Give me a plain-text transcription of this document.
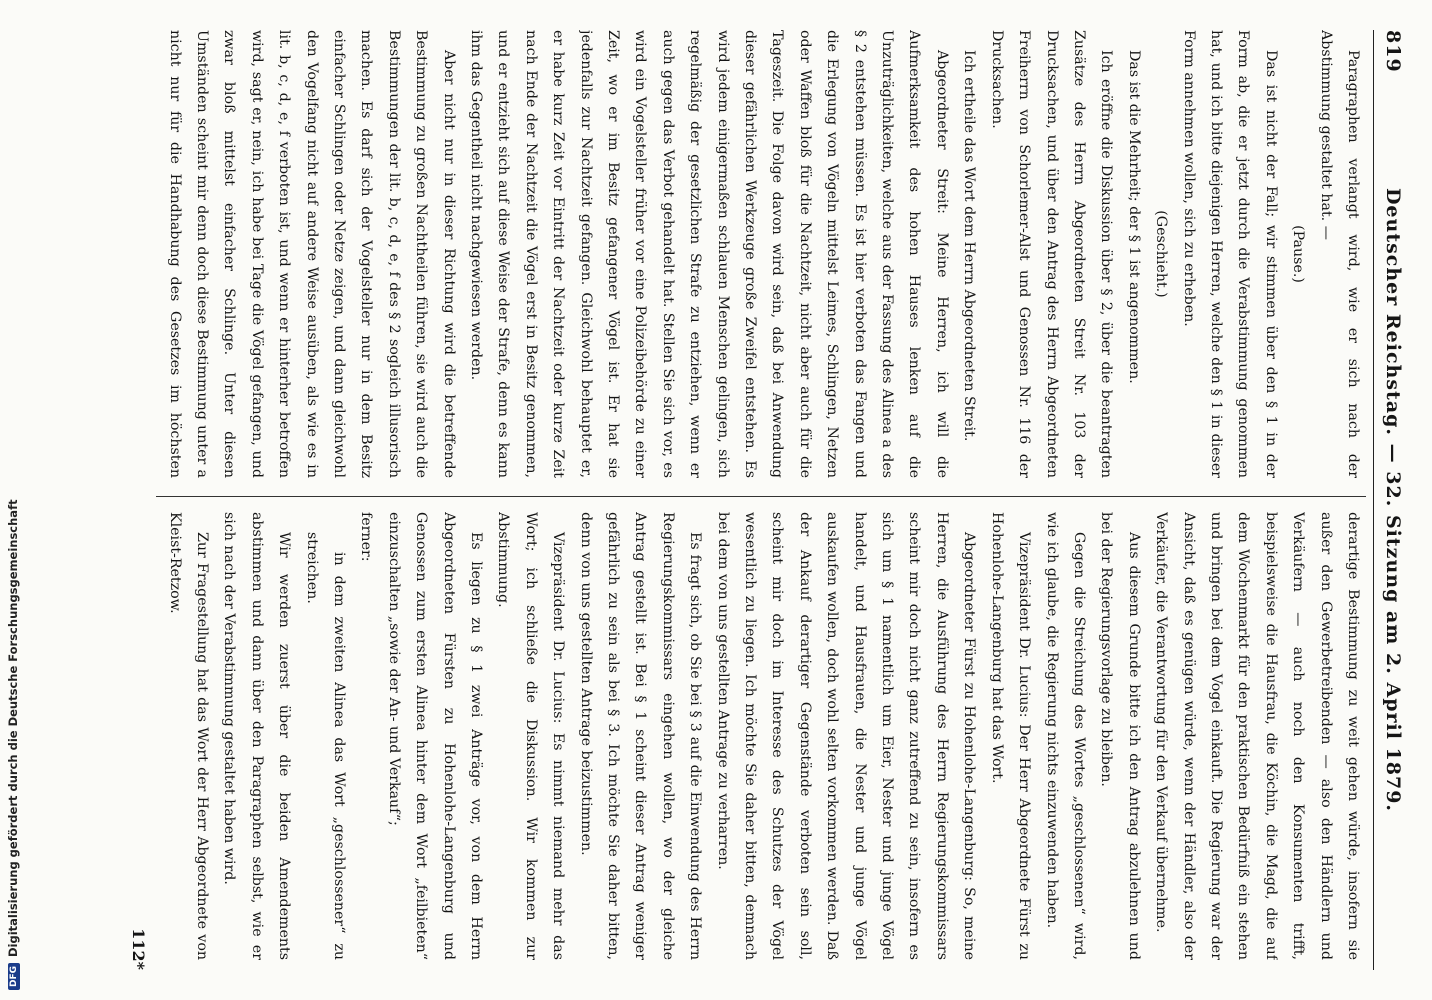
Deutscher Reichstag. — 32. Sitzung am 2. April 1879.
819

Paragraphen verlangt wird, wie er sich nach der Abstimmung gestaltet hat. —

(Pause.)

Das ist nicht der Fall; wir stimmen über den § 1 in der Form ab, die er jetzt durch die Verabstimmung genommen hat, und ich bitte diejenigen Herren, welche den § 1 in dieser Form annehmen wollen, sich zu erheben.

(Geschieht.)

Das ist die Mehrheit; der § 1 ist angenommen.

Ich eröffne die Diskussion über § 2, über die beantragten Zusätze des Herrn Abgeordneten Streit Nr. 103 der Drucksachen, und über den Antrag des Herrn Abgeordneten Freiherrn von Schorlemer-Alst und Genossen Nr. 116 der Drucksachen.

Ich ertheile das Wort dem Herrn Abgeordneten Streit.

Abgeordneter Streit: Meine Herren, ich will die Aufmerksamkeit des hohen Hauses lenken auf die Unzuträglichkeiten, welche aus der Fassung des Alinea a des § 2 entstehen müssen. Es ist hier verboten das Fangen und die Erlegung von Vögeln mittelst Leimes, Schlingen, Netzen oder Waffen bloß für die Nachtzeit, nicht aber auch für die Tageszeit. Die Folge davon wird sein, daß bei Anwendung dieser gefährlichen Werkzeuge große Zweifel entstehen. Es wird jedem einigermaßen schlauen Menschen gelingen, sich regelmäßig der gesetzlichen Strafe zu entziehen, wenn er auch gegen das Verbot gehandelt hat. Stellen Sie sich vor, es wird ein Vogelsteller früher vor eine Polizeibehörde zu einer Zeit, wo er im Besitz gefangener Vögel ist. Er hat sie jedenfalls zur Nachtzeit gefangen. Gleichwohl behauptet er, er habe kurz Zeit vor Eintritt der Nachtzeit oder kurze Zeit nach Ende der Nachtzeit die Vögel erst in Besitz genommen, und er entzieht sich auf diese Weise der Strafe, denn es kann ihm das Gegentheil nicht nachgewiesen werden.

Aber nicht nur in dieser Richtung wird die betreffende Bestimmung zu großen Nachtheilen führen, sie wird auch die Bestimmungen der lit. b, c, d, e, f des § 2 sogleich illusorisch machen. Es darf sich der Vogelsteller nur in dem Besitz einfacher Schlingen oder Netze zeigen, und dann gleichwohl den Vogelfang nicht auf andere Weise ausüben, als wie es in lit. b, c, d, e, f verboten ist, und wenn er hinterher betroffen wird, sagt er, nein, ich habe bei Tage die Vögel gefangen, und zwar bloß mittelst einfacher Schlinge. Unter diesen Umständen scheint mir denn doch diese Bestimmung unter a nicht nur für die Handhabung des Gesetzes im höchsten

derartige Bestimmung zu weit gehen würde, insofern sie außer den Gewerbetreibenden — also den Händlern und Verkäufern — auch noch den Konsumenten trifft, beispielsweise die Hausfrau, die Köchin, die Magd, die auf dem Wochenmarkt für den praktischen Bedürfniß ein stehen und bringen bei dem Vogel einkauft. Die Regierung war der Ansicht, daß es genügen würde, wenn der Händler, also der Verkäufer, die Verantwortung für den Verkauf übernehme.

Aus diesem Grunde bitte ich den Antrag abzulehnen und bei der Regierungsvorlage zu bleiben.

Gegen die Streichung des Wortes „geschlossenen“ wird, wie ich glaube, die Regierung nichts einzuwenden haben.

Vizepräsident Dr. Lucius: Der Herr Abgeordnete Fürst zu Hohenlohe-Langenburg hat das Wort.

Abgeordneter Fürst zu Hohenlohe-Langenburg: So, meine Herren, die Ausführung des Herrn Regierungskommissars scheint mir doch nicht ganz zutreffend zu sein, insofern es sich um § 1 namentlich um Eier, Nester und junge Vögel handelt, und Hausfrauen, die Nester und junge Vögel auskaufen wollen, doch wohl selten vorkommen werden. Daß der Ankauf derartiger Gegenstände verboten sein soll, scheint mir doch im Interesse des Schutzes der Vögel wesentlich zu liegen. Ich möchte Sie daher bitten, demnach bei dem von uns gestellten Antrage zu verharren.

Es fragt sich, ob Sie bei § 3 auf die Einwendung des Herrn Regierungskommissars eingehen wollen, wo der gleiche Antrag gestellt ist. Bei § 1 scheint dieser Antrag weniger gefährlich zu sein als bei § 3. Ich möchte Sie daher bitten, denn von uns gestellten Antrage beizustimmen.

Vizepräsident Dr. Lucius: Es nimmt niemand mehr das Wort; ich schließe die Diskussion. Wir kommen zur Abstimmung.

Es liegen zu § 1 zwei Anträge vor, von dem Herrn Abgeordneten Fürsten zu Hohenlohe-Langenburg und Genossen zum ersten Alinea hinter dem Wort „feilbieten“ einzuschalten „sowie der An- und Verkauf“;

ferner:

in dem zweiten Alinea das Wort „geschlossener“ zu streichen.

Wir werden zuerst über die beiden Amendements abstimmen und dann über den Paragraphen selbst, wie er sich nach der Verabstimmung gestaltet haben wird.

Zur Fragestellung hat das Wort der Herr Abgeordnete von Kleist-Retzow.

112*
DFGDigitalisierung gefördert durch die Deutsche Forschungsgemeinschaft
